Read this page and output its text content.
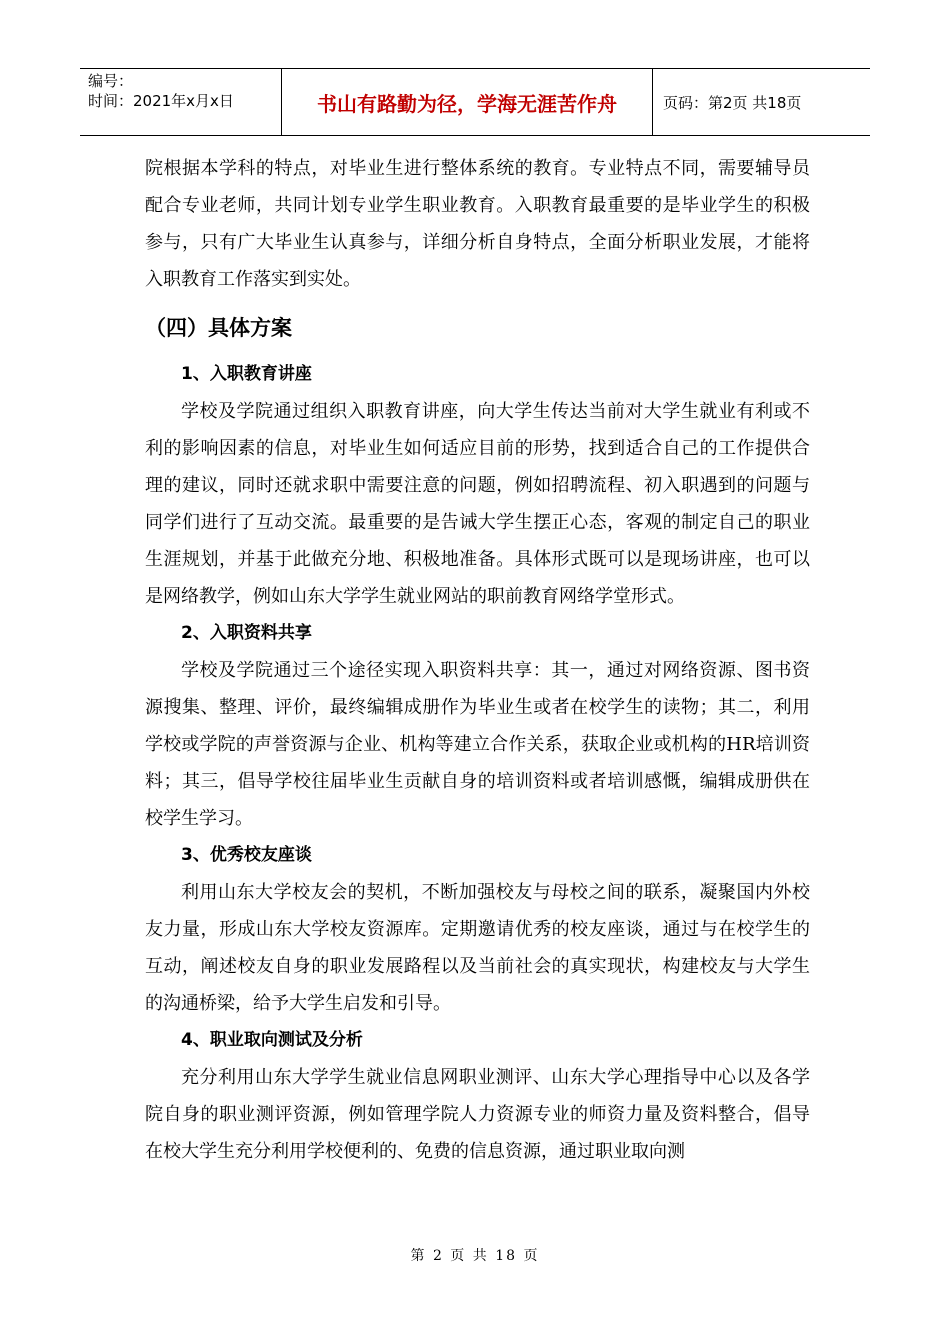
编号：
时间：2021年x月x日	书山有路勤为径，学海无涯苦作舟	页码：第2页 共18页

院根据本学科的特点，对毕业生进行整体系统的教育。专业特点不同，需要辅导员配合专业老师，共同计划专业学生职业教育。入职教育最重要的是毕业学生的积极参与，只有广大毕业生认真参与，详细分析自身特点，全面分析职业发展，才能将入职教育工作落实到实处。

（四）具体方案
1、入职教育讲座

学校及学院通过组织入职教育讲座，向大学生传达当前对大学生就业有利或不利的影响因素的信息，对毕业生如何适应目前的形势，找到适合自己的工作提供合理的建议，同时还就求职中需要注意的问题，例如招聘流程、初入职遇到的问题与同学们进行了互动交流。最重要的是告诫大学生摆正心态，客观的制定自己的职业生涯规划，并基于此做充分地、积极地准备。具体形式既可以是现场讲座，也可以是网络教学，例如山东大学学生就业网站的职前教育网络学堂形式。

2、入职资料共享

学校及学院通过三个途径实现入职资料共享：其一，通过对网络资源、图书资源搜集、整理、评价，最终编辑成册作为毕业生或者在校学生的读物；其二，利用学校或学院的声誉资源与企业、机构等建立合作关系，获取企业或机构的HR培训资料；其三，倡导学校往届毕业生贡献自身的培训资料或者培训感慨，编辑成册供在校学生学习。

3、优秀校友座谈

利用山东大学校友会的契机，不断加强校友与母校之间的联系，凝聚国内外校友力量，形成山东大学校友资源库。定期邀请优秀的校友座谈，通过与在校学生的互动，阐述校友自身的职业发展路程以及当前社会的真实现状，构建校友与大学生的沟通桥梁，给予大学生启发和引导。

4、职业取向测试及分析

充分利用山东大学学生就业信息网职业测评、山东大学心理指导中心以及各学院自身的职业测评资源，例如管理学院人力资源专业的师资力量及资料整合，倡导在校大学生充分利用学校便利的、免费的信息资源，通过职业取向测

第 2 页 共 18 页
